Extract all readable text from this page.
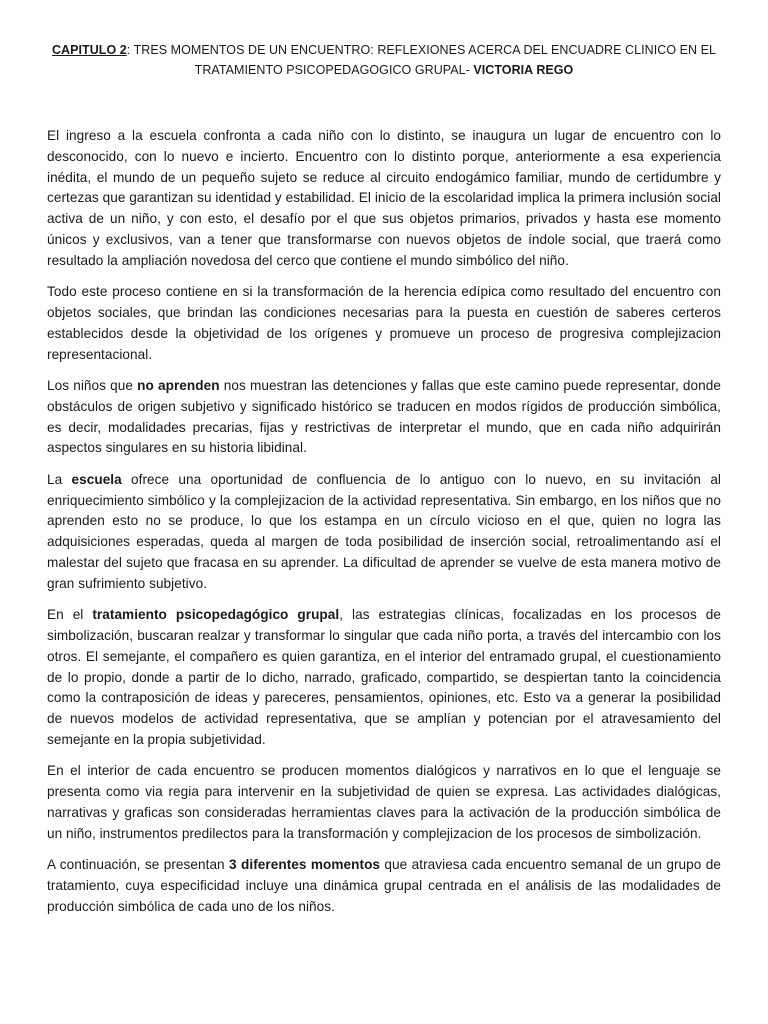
CAPITULO 2: TRES MOMENTOS DE UN ENCUENTRO: REFLEXIONES ACERCA DEL ENCUADRE CLINICO EN EL TRATAMIENTO PSICOPEDAGOGICO GRUPAL- VICTORIA REGO

El ingreso a la escuela confronta a cada niño con lo distinto, se inaugura un lugar de encuentro con lo desconocido, con lo nuevo e incierto. Encuentro con lo distinto porque, anteriormente a esa experiencia inédita, el mundo de un pequeño sujeto se reduce al circuito endogámico familiar, mundo de certidumbre y certezas que garantizan su identidad y estabilidad. El inicio de la escolaridad implica la primera inclusión social activa de un niño, y con esto, el desafío por el que sus objetos primarios, privados y hasta ese momento únicos y exclusivos, van a tener que transformarse con nuevos objetos de índole social, que traerá como resultado la ampliación novedosa del cerco que contiene el mundo simbólico del niño.

Todo este proceso contiene en si la transformación de la herencia edípica como resultado del encuentro con objetos sociales, que brindan las condiciones necesarias para la puesta en cuestión de saberes certeros establecidos desde la objetividad de los orígenes y promueve un proceso de progresiva complejizacion representacional.

Los niños que no aprenden nos muestran las detenciones y fallas que este camino puede representar, donde obstáculos de origen subjetivo y significado histórico se traducen en modos rígidos de producción simbólica, es decir, modalidades precarias, fijas y restrictivas de interpretar el mundo, que en cada niño adquirirán aspectos singulares en su historia libidinal.

La escuela ofrece una oportunidad de confluencia de lo antiguo con lo nuevo, en su invitación al enriquecimiento simbólico y la complejizacion de la actividad representativa. Sin embargo, en los niños que no aprenden esto no se produce, lo que los estampa en un círculo vicioso en el que, quien no logra las adquisiciones esperadas, queda al margen de toda posibilidad de inserción social, retroalimentando así el malestar del sujeto que fracasa en su aprender. La dificultad de aprender se vuelve de esta manera motivo de gran sufrimiento subjetivo.

En el tratamiento psicopedagógico grupal, las estrategias clínicas, focalizadas en los procesos de simbolización, buscaran realzar y transformar lo singular que cada niño porta, a través del intercambio con los otros. El semejante, el compañero es quien garantiza, en el interior del entramado grupal, el cuestionamiento de lo propio, donde a partir de lo dicho, narrado, graficado, compartido, se despiertan tanto la coincidencia como la contraposición de ideas y pareceres, pensamientos, opiniones, etc. Esto va a generar la posibilidad de nuevos modelos de actividad representativa, que se amplían y potencian por el atravesamiento del semejante en la propia subjetividad.

En el interior de cada encuentro se producen momentos dialógicos y narrativos en lo que el lenguaje se presenta como via regia para intervenir en la subjetividad de quien se expresa. Las actividades dialógicas, narrativas y graficas son consideradas herramientas claves para la activación de la producción simbólica de un niño, instrumentos predilectos para la transformación y complejizacion de los procesos de simbolización.

A continuación, se presentan 3 diferentes momentos que atraviesa cada encuentro semanal de un grupo de tratamiento, cuya especificidad incluye una dinámica grupal centrada en el análisis de las modalidades de producción simbólica de cada uno de los niños.
